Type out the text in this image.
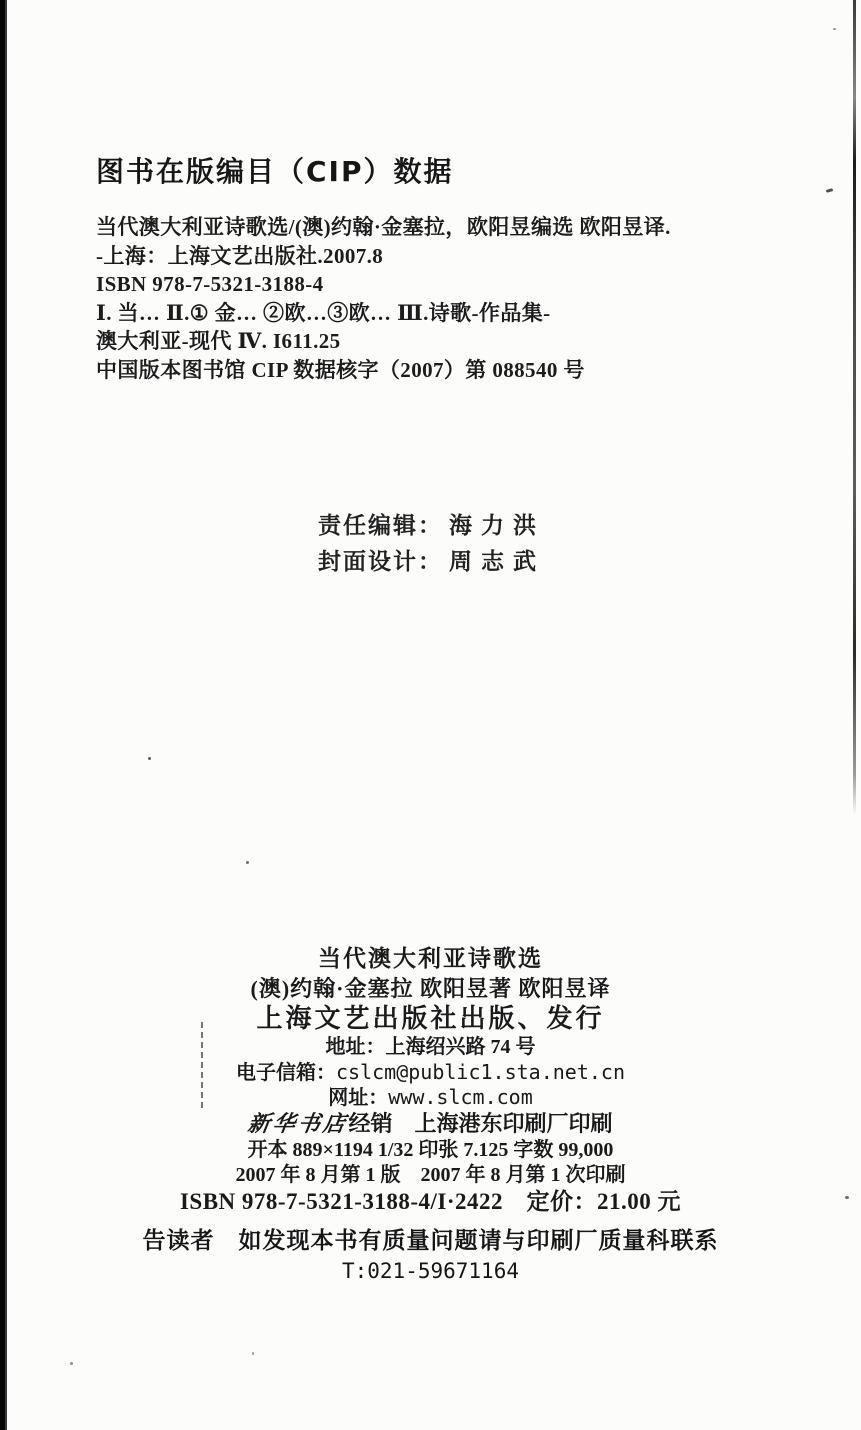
图书在版编目（CIP）数据
当代澳大利亚诗歌选/(澳)约翰·金塞拉，欧阳昱编选 欧阳昱译.
-上海：上海文艺出版社.2007.8
ISBN 978-7-5321-3188-4
Ⅰ. 当… Ⅱ.① 金… ②欧…③欧… Ⅲ.诗歌-作品集-
澳大利亚-现代 Ⅳ. I611.25
中国版本图书馆 CIP 数据核字（2007）第 088540 号
责任编辑： 海力洪
封面设计： 周志武
当代澳大利亚诗歌选
(澳)约翰·金塞拉 欧阳昱著 欧阳昱译
上海文艺出版社出版、发行
地址：上海绍兴路 74 号
电子信箱：cslcm@public1.sta.net.cn
网址：www.slcm.com
新华书店经销　上海港东印刷厂印刷
开本 889×1194 1/32 印张 7.125 字数 99,000
2007 年 8 月第 1 版　2007 年 8 月第 1 次印刷
ISBN 978-7-5321-3188-4/I·2422　定价：21.00 元
告读者　如发现本书有质量问题请与印刷厂质量科联系
T:021-59671164
